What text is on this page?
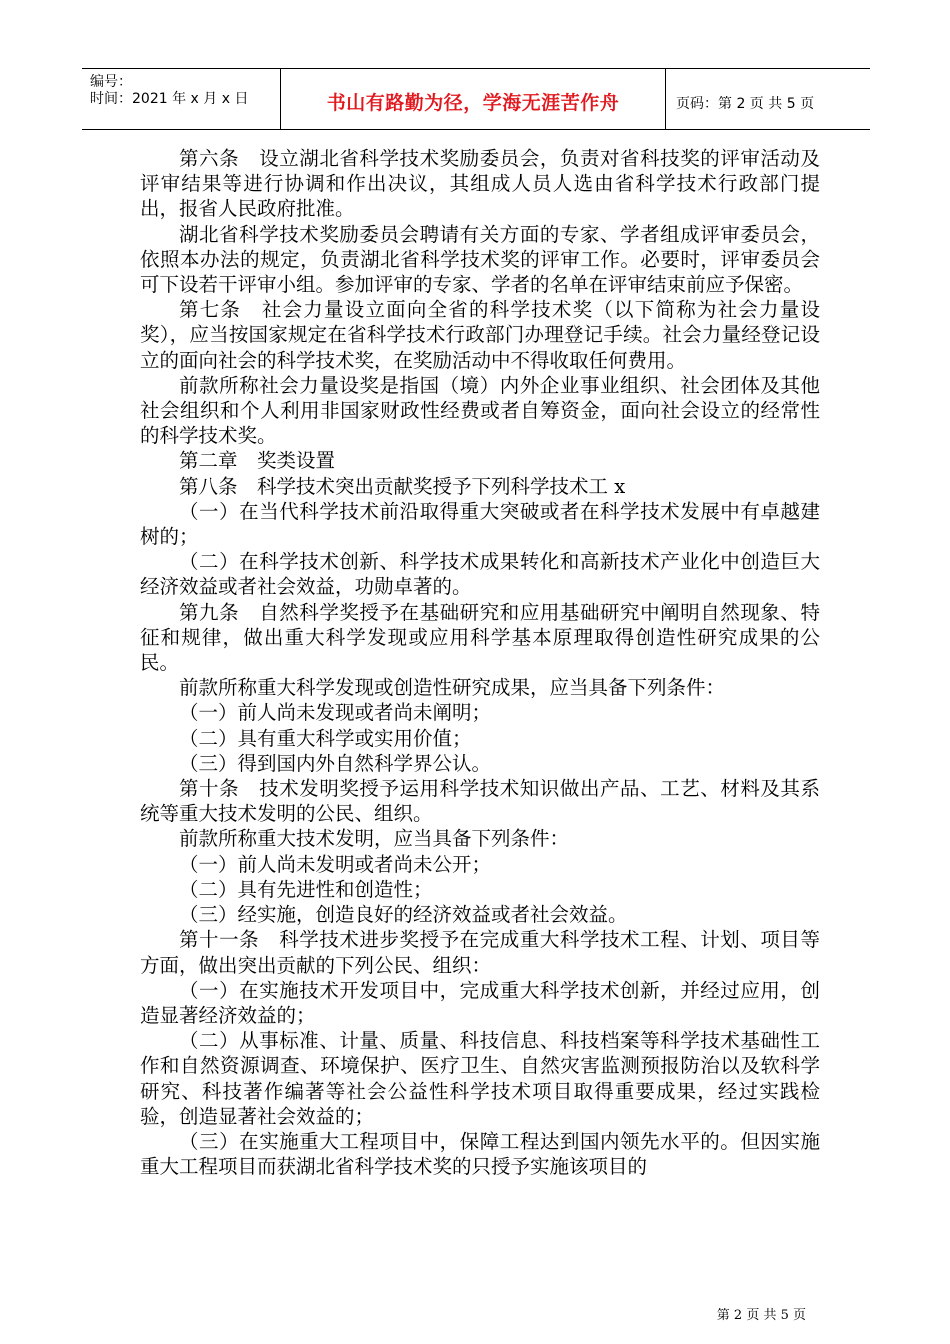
编号：
时间：2021 年 x 月 x 日	书山有路勤为径，学海无涯苦作舟	页码：第 2 页 共 5 页

第六条　设立湖北省科学技术奖励委员会，负责对省科技奖的评审活动及评审结果等进行协调和作出决议，其组成人员人选由省科学技术行政部门提出，报省人民政府批准。

湖北省科学技术奖励委员会聘请有关方面的专家、学者组成评审委员会，依照本办法的规定，负责湖北省科学技术奖的评审工作。必要时，评审委员会可下设若干评审小组。参加评审的专家、学者的名单在评审结束前应予保密。

第七条　社会力量设立面向全省的科学技术奖（以下简称为社会力量设奖），应当按国家规定在省科学技术行政部门办理登记手续。社会力量经登记设立的面向社会的科学技术奖，在奖励活动中不得收取任何费用。

前款所称社会力量设奖是指国（境）内外企业事业组织、社会团体及其他社会组织和个人利用非国家财政性经费或者自筹资金，面向社会设立的经常性的科学技术奖。

第二章　奖类设置

第八条　科学技术突出贡献奖授予下列科学技术工 x

（一）在当代科学技术前沿取得重大突破或者在科学技术发展中有卓越建树的；

（二）在科学技术创新、科学技术成果转化和高新技术产业化中创造巨大经济效益或者社会效益，功勋卓著的。

第九条　自然科学奖授予在基础研究和应用基础研究中阐明自然现象、特征和规律，做出重大科学发现或应用科学基本原理取得创造性研究成果的公民。

前款所称重大科学发现或创造性研究成果，应当具备下列条件：

（一）前人尚未发现或者尚未阐明；

（二）具有重大科学或实用价值；

（三）得到国内外自然科学界公认。

第十条　技术发明奖授予运用科学技术知识做出产品、工艺、材料及其系统等重大技术发明的公民、组织。

前款所称重大技术发明，应当具备下列条件：

（一）前人尚未发明或者尚未公开；

（二）具有先进性和创造性；

（三）经实施，创造良好的经济效益或者社会效益。

第十一条　科学技术进步奖授予在完成重大科学技术工程、计划、项目等方面，做出突出贡献的下列公民、组织：

（一）在实施技术开发项目中，完成重大科学技术创新，并经过应用，创造显著经济效益的；

（二）从事标准、计量、质量、科技信息、科技档案等科学技术基础性工作和自然资源调查、环境保护、医疗卫生、自然灾害监测预报防治以及软科学研究、科技著作编著等社会公益性科学技术项目取得重要成果，经过实践检验，创造显著社会效益的；

（三）在实施重大工程项目中，保障工程达到国内领先水平的。但因实施重大工程项目而获湖北省科学技术奖的只授予实施该项目的

第 2 页 共 5 页
